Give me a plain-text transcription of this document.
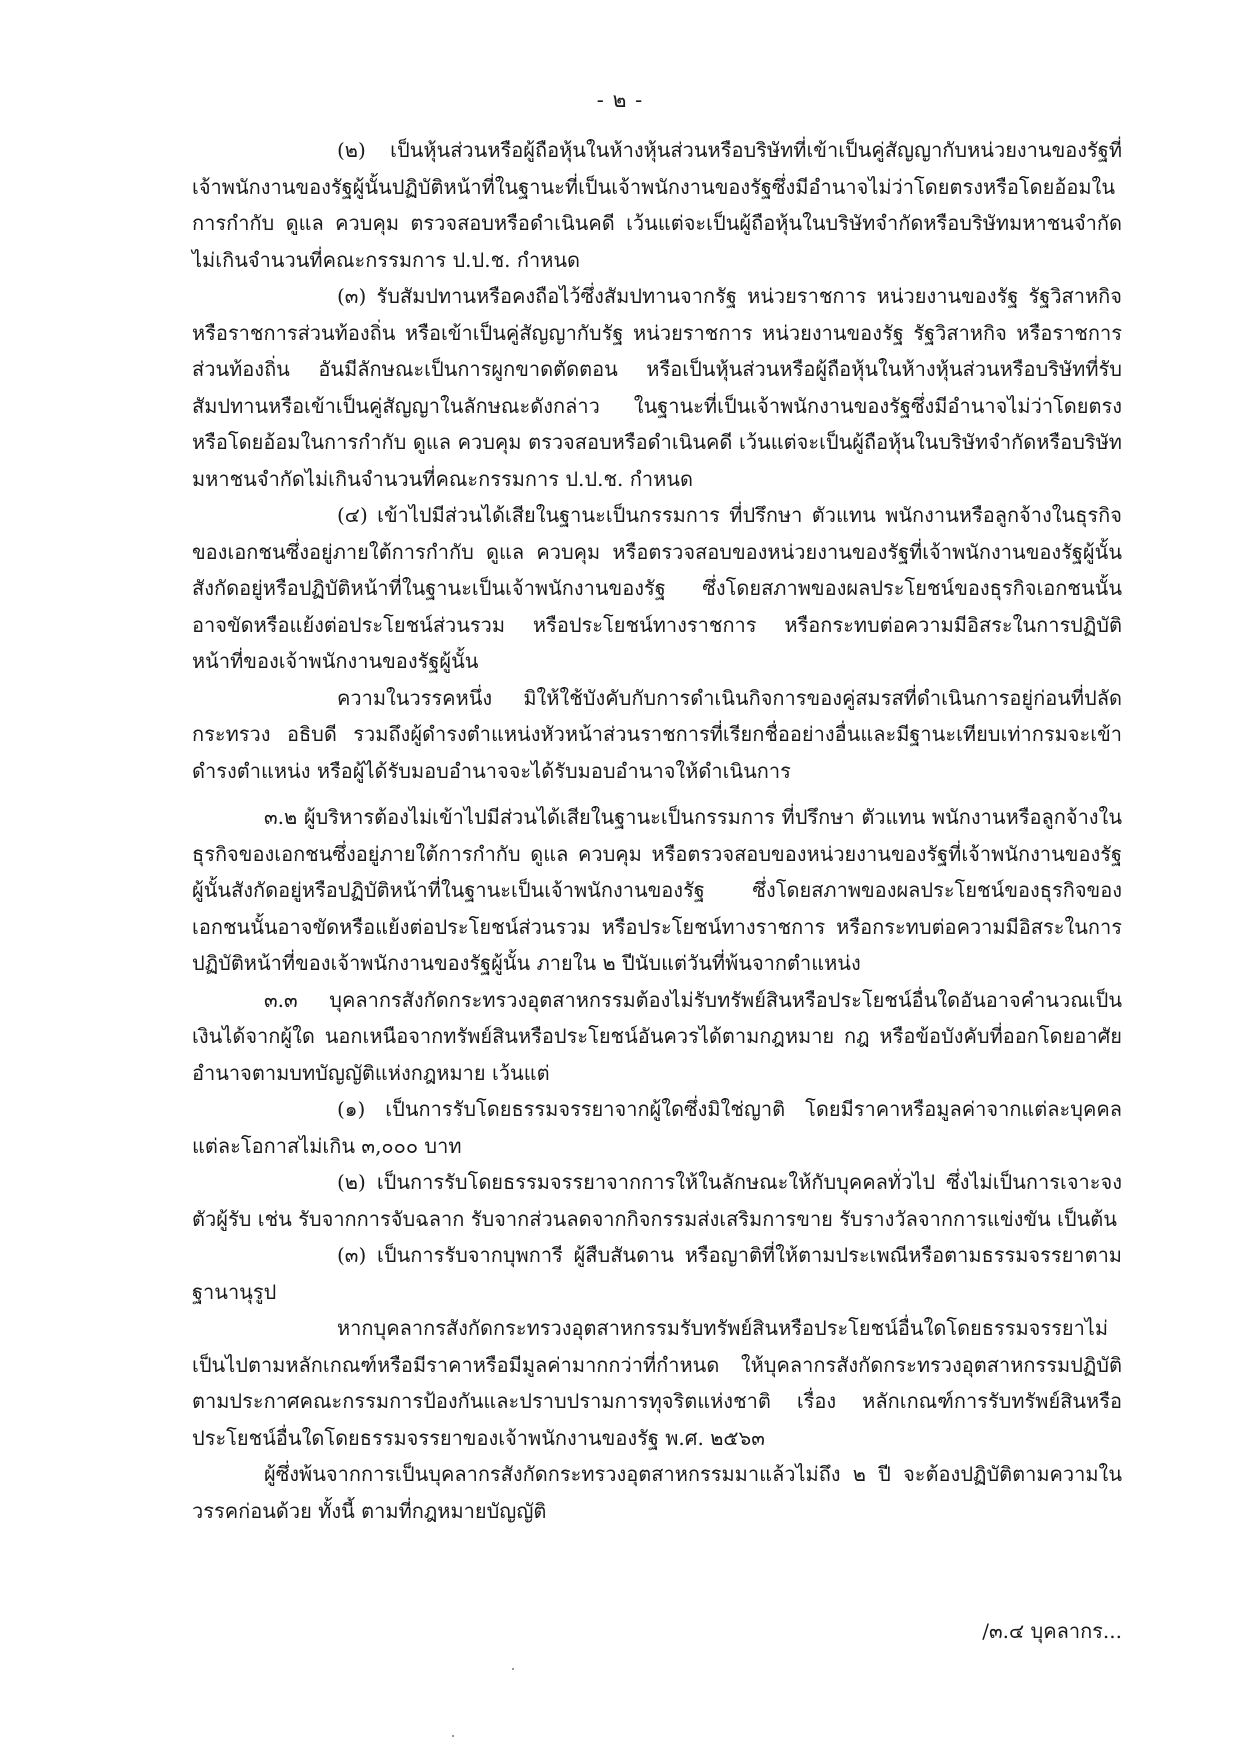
- ๒ -

(๒) เป็นหุ้นส่วนหรือผู้ถือหุ้นในห้างหุ้นส่วนหรือบริษัทที่เข้าเป็นคู่สัญญากับหน่วยงานของรัฐที่เจ้าพนักงานของรัฐผู้นั้นปฏิบัติหน้าที่ในฐานะที่เป็นเจ้าพนักงานของรัฐซึ่งมีอำนาจไม่ว่าโดยตรงหรือโดยอ้อมในการกำกับ ดูแล ควบคุม ตรวจสอบหรือดำเนินคดี เว้นแต่จะเป็นผู้ถือหุ้นในบริษัทจำกัดหรือบริษัทมหาชนจำกัดไม่เกินจำนวนที่คณะกรรมการ ป.ป.ช. กำหนด

(๓) รับสัมปทานหรือคงถือไว้ซึ่งสัมปทานจากรัฐ หน่วยราชการ หน่วยงานของรัฐ รัฐวิสาหกิจหรือราชการส่วนท้องถิ่น หรือเข้าเป็นคู่สัญญากับรัฐ หน่วยราชการ หน่วยงานของรัฐ รัฐวิสาหกิจ หรือราชการส่วนท้องถิ่น อันมีลักษณะเป็นการผูกขาดตัดตอน หรือเป็นหุ้นส่วนหรือผู้ถือหุ้นในห้างหุ้นส่วนหรือบริษัทที่รับสัมปทานหรือเข้าเป็นคู่สัญญาในลักษณะดังกล่าว ในฐานะที่เป็นเจ้าพนักงานของรัฐซึ่งมีอำนาจไม่ว่าโดยตรงหรือโดยอ้อมในการกำกับ ดูแล ควบคุม ตรวจสอบหรือดำเนินคดี เว้นแต่จะเป็นผู้ถือหุ้นในบริษัทจำกัดหรือบริษัทมหาชนจำกัดไม่เกินจำนวนที่คณะกรรมการ ป.ป.ช. กำหนด

(๔) เข้าไปมีส่วนได้เสียในฐานะเป็นกรรมการ ที่ปรึกษา ตัวแทน พนักงานหรือลูกจ้างในธุรกิจของเอกชนซึ่งอยู่ภายใต้การกำกับ ดูแล ควบคุม หรือตรวจสอบของหน่วยงานของรัฐที่เจ้าพนักงานของรัฐผู้นั้นสังกัดอยู่หรือปฏิบัติหน้าที่ในฐานะเป็นเจ้าพนักงานของรัฐ ซึ่งโดยสภาพของผลประโยชน์ของธุรกิจเอกชนนั้นอาจขัดหรือแย้งต่อประโยชน์ส่วนรวม หรือประโยชน์ทางราชการ หรือกระทบต่อความมีอิสระในการปฏิบัติหน้าที่ของเจ้าพนักงานของรัฐผู้นั้น

ความในวรรคหนึ่ง มิให้ใช้บังคับกับการดำเนินกิจการของคู่สมรสที่ดำเนินการอยู่ก่อนที่ปลัดกระทรวง อธิบดี รวมถึงผู้ดำรงตำแหน่งหัวหน้าส่วนราชการที่เรียกชื่ออย่างอื่นและมีฐานะเทียบเท่ากรมจะเข้าดำรงตำแหน่ง หรือผู้ได้รับมอบอำนาจจะได้รับมอบอำนาจให้ดำเนินการ

๓.๒ ผู้บริหารต้องไม่เข้าไปมีส่วนได้เสียในฐานะเป็นกรรมการ ที่ปรึกษา ตัวแทน พนักงานหรือลูกจ้างในธุรกิจของเอกชนซึ่งอยู่ภายใต้การกำกับ ดูแล ควบคุม หรือตรวจสอบของหน่วยงานของรัฐที่เจ้าพนักงานของรัฐผู้นั้นสังกัดอยู่หรือปฏิบัติหน้าที่ในฐานะเป็นเจ้าพนักงานของรัฐ ซึ่งโดยสภาพของผลประโยชน์ของธุรกิจของเอกชนนั้นอาจขัดหรือแย้งต่อประโยชน์ส่วนรวม หรือประโยชน์ทางราชการ หรือกระทบต่อความมีอิสระในการปฏิบัติหน้าที่ของเจ้าพนักงานของรัฐผู้นั้น ภายใน ๒ ปีนับแต่วันที่พ้นจากตำแหน่ง

๓.๓ บุคลากรสังกัดกระทรวงอุตสาหกรรมต้องไม่รับทรัพย์สินหรือประโยชน์อื่นใดอันอาจคำนวณเป็นเงินได้จากผู้ใด นอกเหนือจากทรัพย์สินหรือประโยชน์อันควรได้ตามกฎหมาย กฎ หรือข้อบังคับที่ออกโดยอาศัยอำนาจตามบทบัญญัติแห่งกฎหมาย เว้นแต่

(๑) เป็นการรับโดยธรรมจรรยาจากผู้ใดซึ่งมิใช่ญาติ โดยมีราคาหรือมูลค่าจากแต่ละบุคคลแต่ละโอกาสไม่เกิน ๓,๐๐๐ บาท

(๒) เป็นการรับโดยธรรมจรรยาจากการให้ในลักษณะให้กับบุคคลทั่วไป ซึ่งไม่เป็นการเจาะจงตัวผู้รับ เช่น รับจากการจับฉลาก รับจากส่วนลดจากกิจกรรมส่งเสริมการขาย รับรางวัลจากการแข่งขัน เป็นต้น

(๓) เป็นการรับจากบุพการี ผู้สืบสันดาน หรือญาติที่ให้ตามประเพณีหรือตามธรรมจรรยาตามฐานานุรูป

หากบุคลากรสังกัดกระทรวงอุตสาหกรรมรับทรัพย์สินหรือประโยชน์อื่นใดโดยธรรมจรรยาไม่เป็นไปตามหลักเกณฑ์หรือมีราคาหรือมีมูลค่ามากกว่าที่กำหนด ให้บุคลากรสังกัดกระทรวงอุตสาหกรรมปฏิบัติตามประกาศคณะกรรมการป้องกันและปราบปรามการทุจริตแห่งชาติ เรื่อง หลักเกณฑ์การรับทรัพย์สินหรือประโยชน์อื่นใดโดยธรรมจรรยาของเจ้าพนักงานของรัฐ พ.ศ. ๒๕๖๓

ผู้ซึ่งพ้นจากการเป็นบุคลากรสังกัดกระทรวงอุตสาหกรรมมาแล้วไม่ถึง ๒ ปี จะต้องปฏิบัติตามความในวรรคก่อนด้วย ทั้งนี้ ตามที่กฎหมายบัญญัติ

/๓.๔ บุคลากร...
